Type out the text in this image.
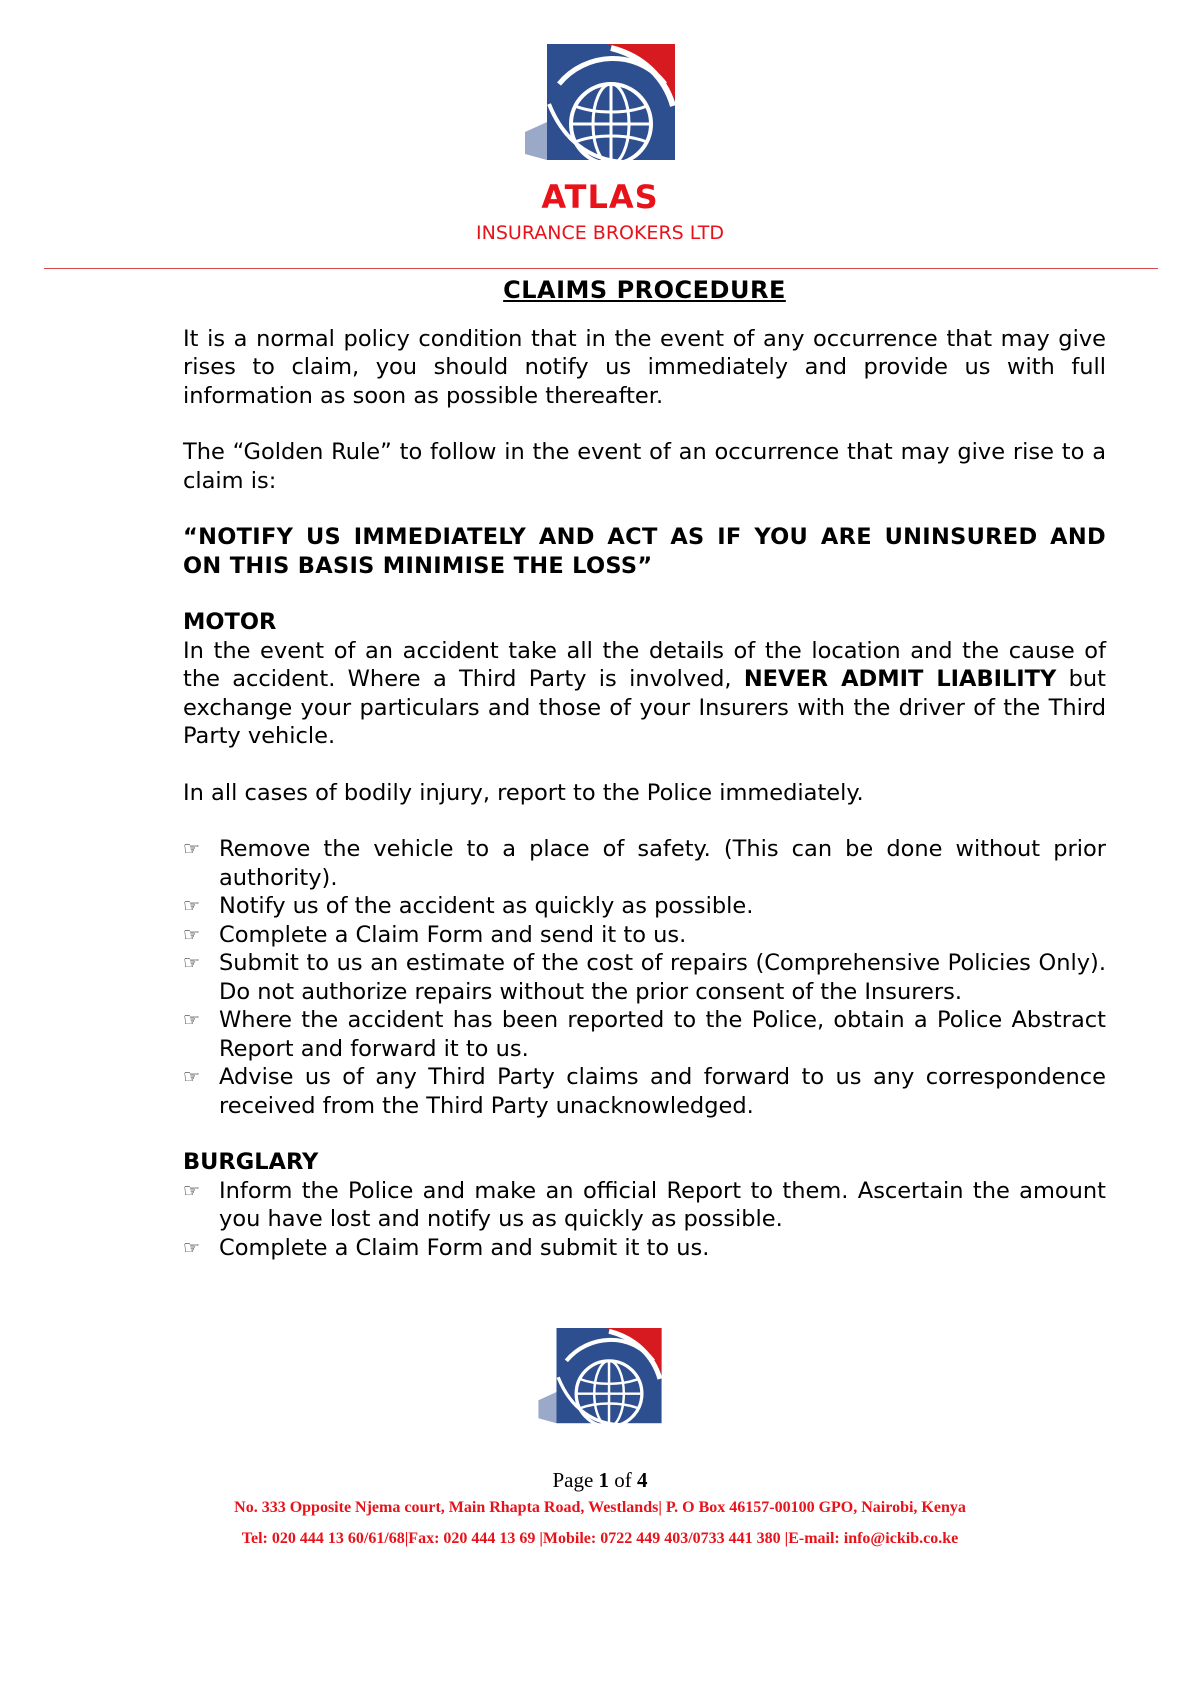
ATLAS
INSURANCE BROKERS LTD
CLAIMS PROCEDURE

It is a normal policy condition that in the event of any occurrence that may give rises to claim, you should notify us immediately and provide us with full information as soon as possible thereafter.

The “Golden Rule” to follow in the event of an occurrence that may give rise to a claim is:

“NOTIFY US IMMEDIATELY AND ACT AS IF YOU ARE UNINSURED AND ON THIS BASIS MINIMISE THE LOSS”

MOTOR

In the event of an accident take all the details of the location and the cause of the accident. Where a Third Party is involved, NEVER ADMIT LIABILITY but exchange your particulars and those of your Insurers with the driver of the Third Party vehicle.

In all cases of bodily injury, report to the Police immediately.

☞ Remove the vehicle to a place of safety. (This can be done without prior authority).
☞ Notify us of the accident as quickly as possible.
☞ Complete a Claim Form and send it to us.
☞ Submit to us an estimate of the cost of repairs (Comprehensive Policies Only). Do not authorize repairs without the prior consent of the Insurers.
☞ Where the accident has been reported to the Police, obtain a Police Abstract Report and forward it to us.
☞ Advise us of any Third Party claims and forward to us any correspondence received from the Third Party unacknowledged.

BURGLARY

☞ Inform the Police and make an official Report to them. Ascertain the amount you have lost and notify us as quickly as possible.
☞ Complete a Claim Form and submit it to us.
Page 1 of 4
No. 333 Opposite Njema court, Main Rhapta Road, Westlands| P. O Box 46157-00100 GPO, Nairobi, Kenya
Tel: 020 444 13 60/61/68|Fax: 020 444 13 69 |Mobile: 0722 449 403/0733 441 380 |E-mail: info@ickib.co.ke
